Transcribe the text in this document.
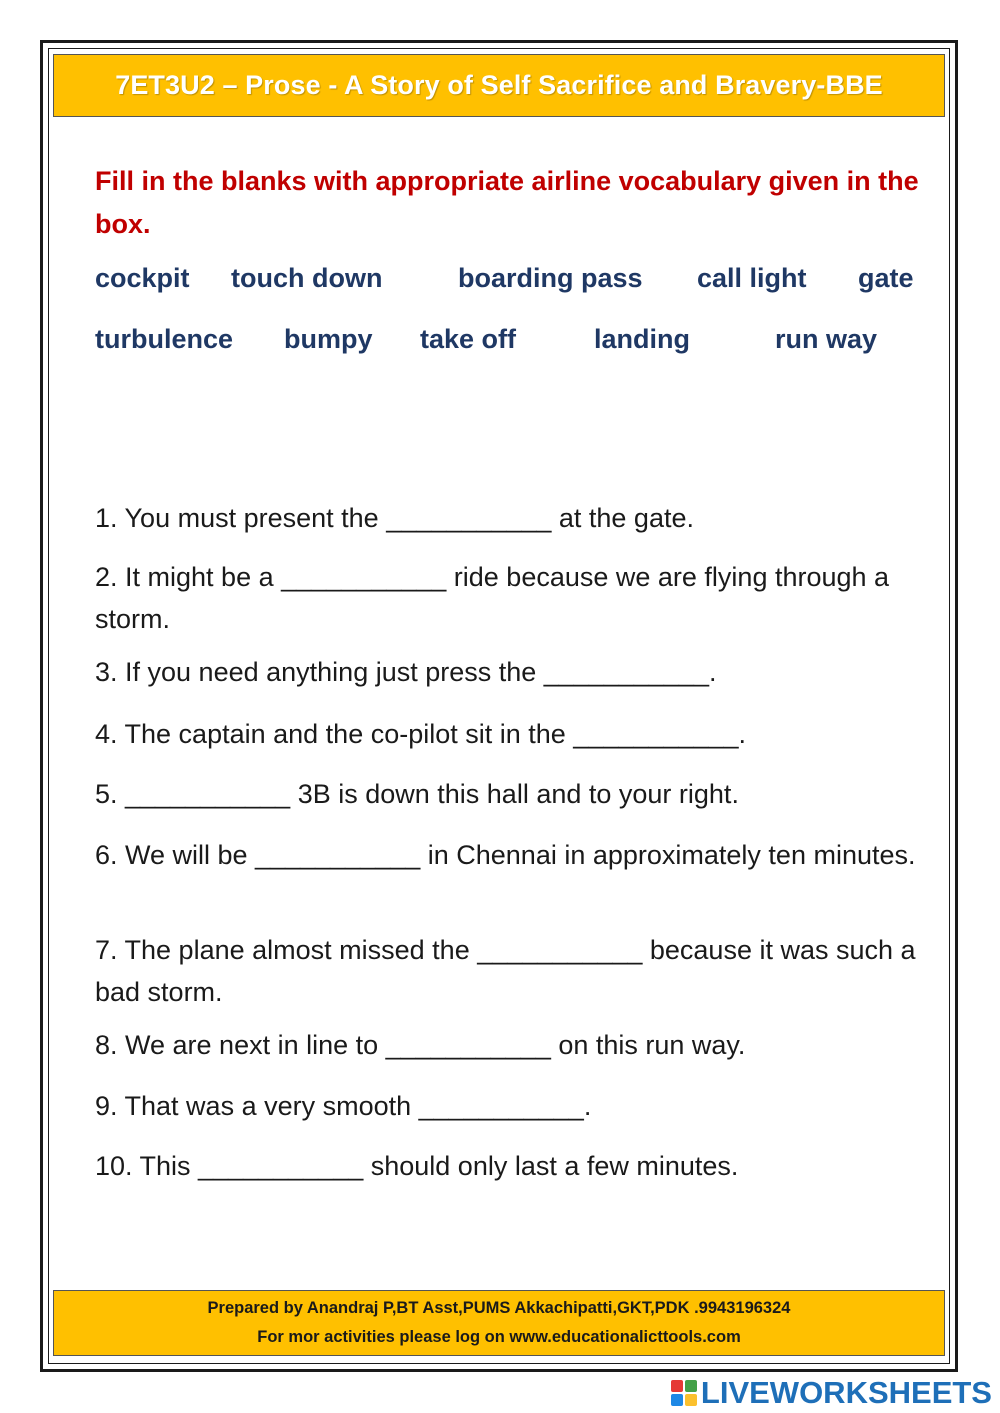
7ET3U2 – Prose - A Story of Self Sacrifice and Bravery-BBE
Fill in the blanks with appropriate airline vocabulary given in the box.
cockpit touch down	boarding pass call light gate
turbulence bumpy take off	landing	run way
1. You must present the ___________ at the gate.
2. It might be a ___________ ride because we are flying through a storm.
3. If you need anything just press the ___________.
4. The captain and the co-pilot sit in the ___________.
5. ___________ 3B is down this hall and to your right.
6. We will be ___________ in Chennai in approximately ten minutes.
7. The plane almost missed the ___________ because it was such a bad storm.
8. We are next in line to ___________ on this run way.
9. That was a very smooth ___________.
10. This ___________ should only last a few minutes.
Prepared by Anandraj P,BT Asst,PUMS Akkachipatti,GKT,PDK .9943196324
For mor activities please log on www.educationalicttools.com
LIVEWORKSHEETS
